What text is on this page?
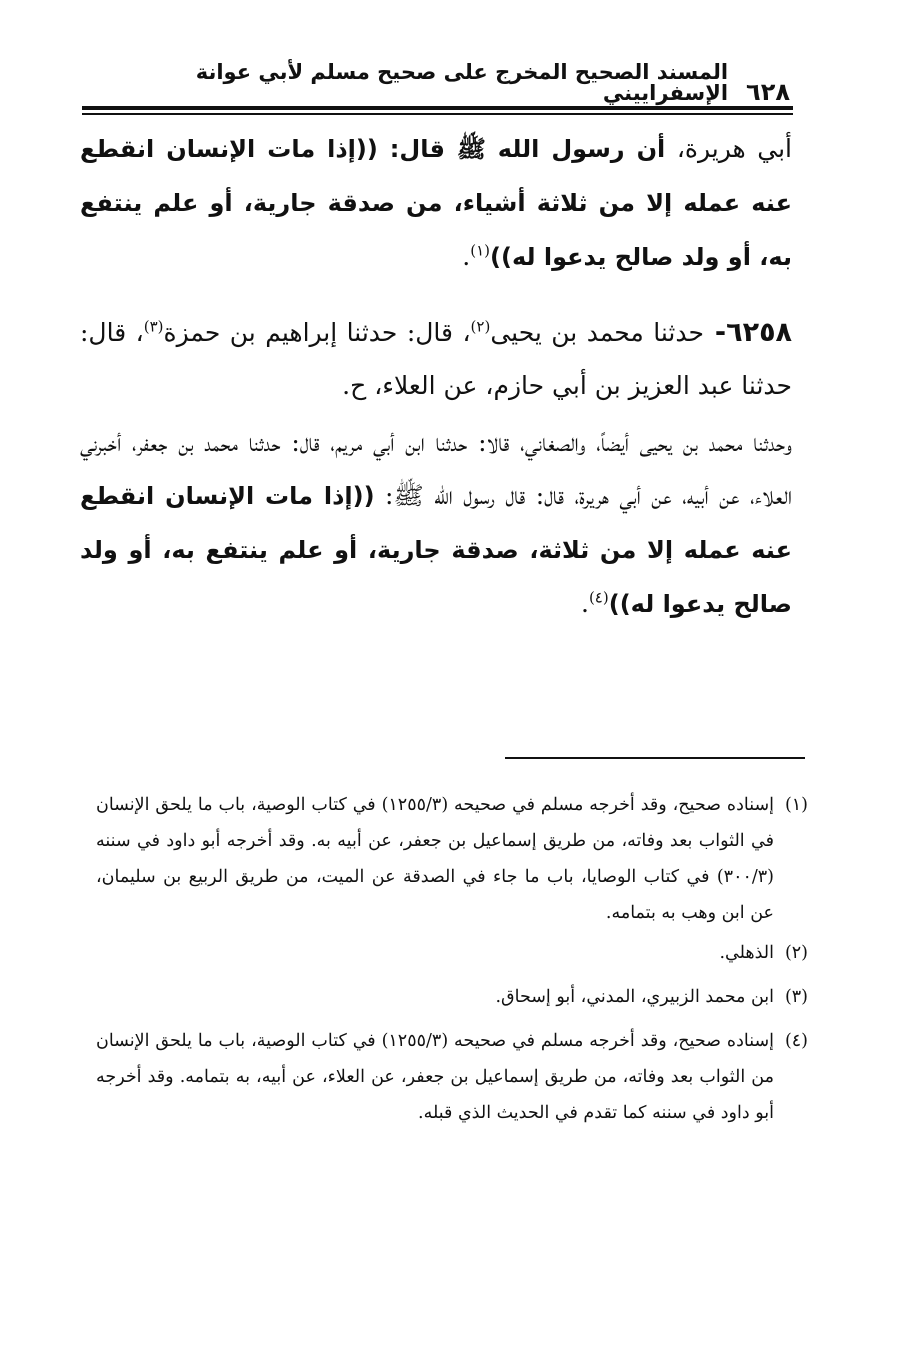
٦٢٨
المسند الصحيح المخرج على صحيح مسلم لأبي عوانة الإسفراييني

أبي هريرة، أن رسول الله ﷺ قال: ((إذا مات الإنسان انقطع عنه عمله إلا من ثلاثة أشياء، من صدقة جارية، أو علم ينتفع به، أو ولد صالح يدعوا له))$^{(١)}$.

٦٢٥٨- حدثنا محمد بن يحيى$^{(٢)}$، قال: حدثنا إبراهيم بن حمزة$^{(٣)}$، قال: حدثنا عبد العزيز بن أبي حازم، عن العلاء، ح.

وحدثنا محمد بن يحيى أيضاً، والصغاني، قالا: حدثنا ابن أبي مريم، قال: حدثنا محمد بن جعفر، أخبرني العلاء، عن أبيه، عن أبي هريرة، قال: قال رسول الله ﷺ: ((إذا مات الإنسان انقطع عنه عمله إلا من ثلاثة، صدقة جارية، أو علم ينتفع به، أو ولد صالح يدعوا له))$^{(٤)}$.

(١)
إسناده صحيح، وقد أخرجه مسلم في صحيحه (١٢٥٥/٣) في كتاب الوصية، باب ما يلحق الإنسان في الثواب بعد وفاته، من طريق إسماعيل بن جعفر، عن أبيه به. وقد أخرجه أبو داود في سننه (٣٠٠/٣) في كتاب الوصايا، باب ما جاء في الصدقة عن الميت، من طريق الربيع بن سليمان، عن ابن وهب به بتمامه.

(٢)
الذهلي.

(٣)
ابن محمد الزبيري، المدني، أبو إسحاق.

(٤)
إسناده صحيح، وقد أخرجه مسلم في صحيحه (١٢٥٥/٣) في كتاب الوصية، باب ما يلحق الإنسان من الثواب بعد وفاته، من طريق إسماعيل بن جعفر، عن العلاء، عن أبيه، به بتمامه. وقد أخرجه أبو داود في سننه كما تقدم في الحديث الذي قبله.
